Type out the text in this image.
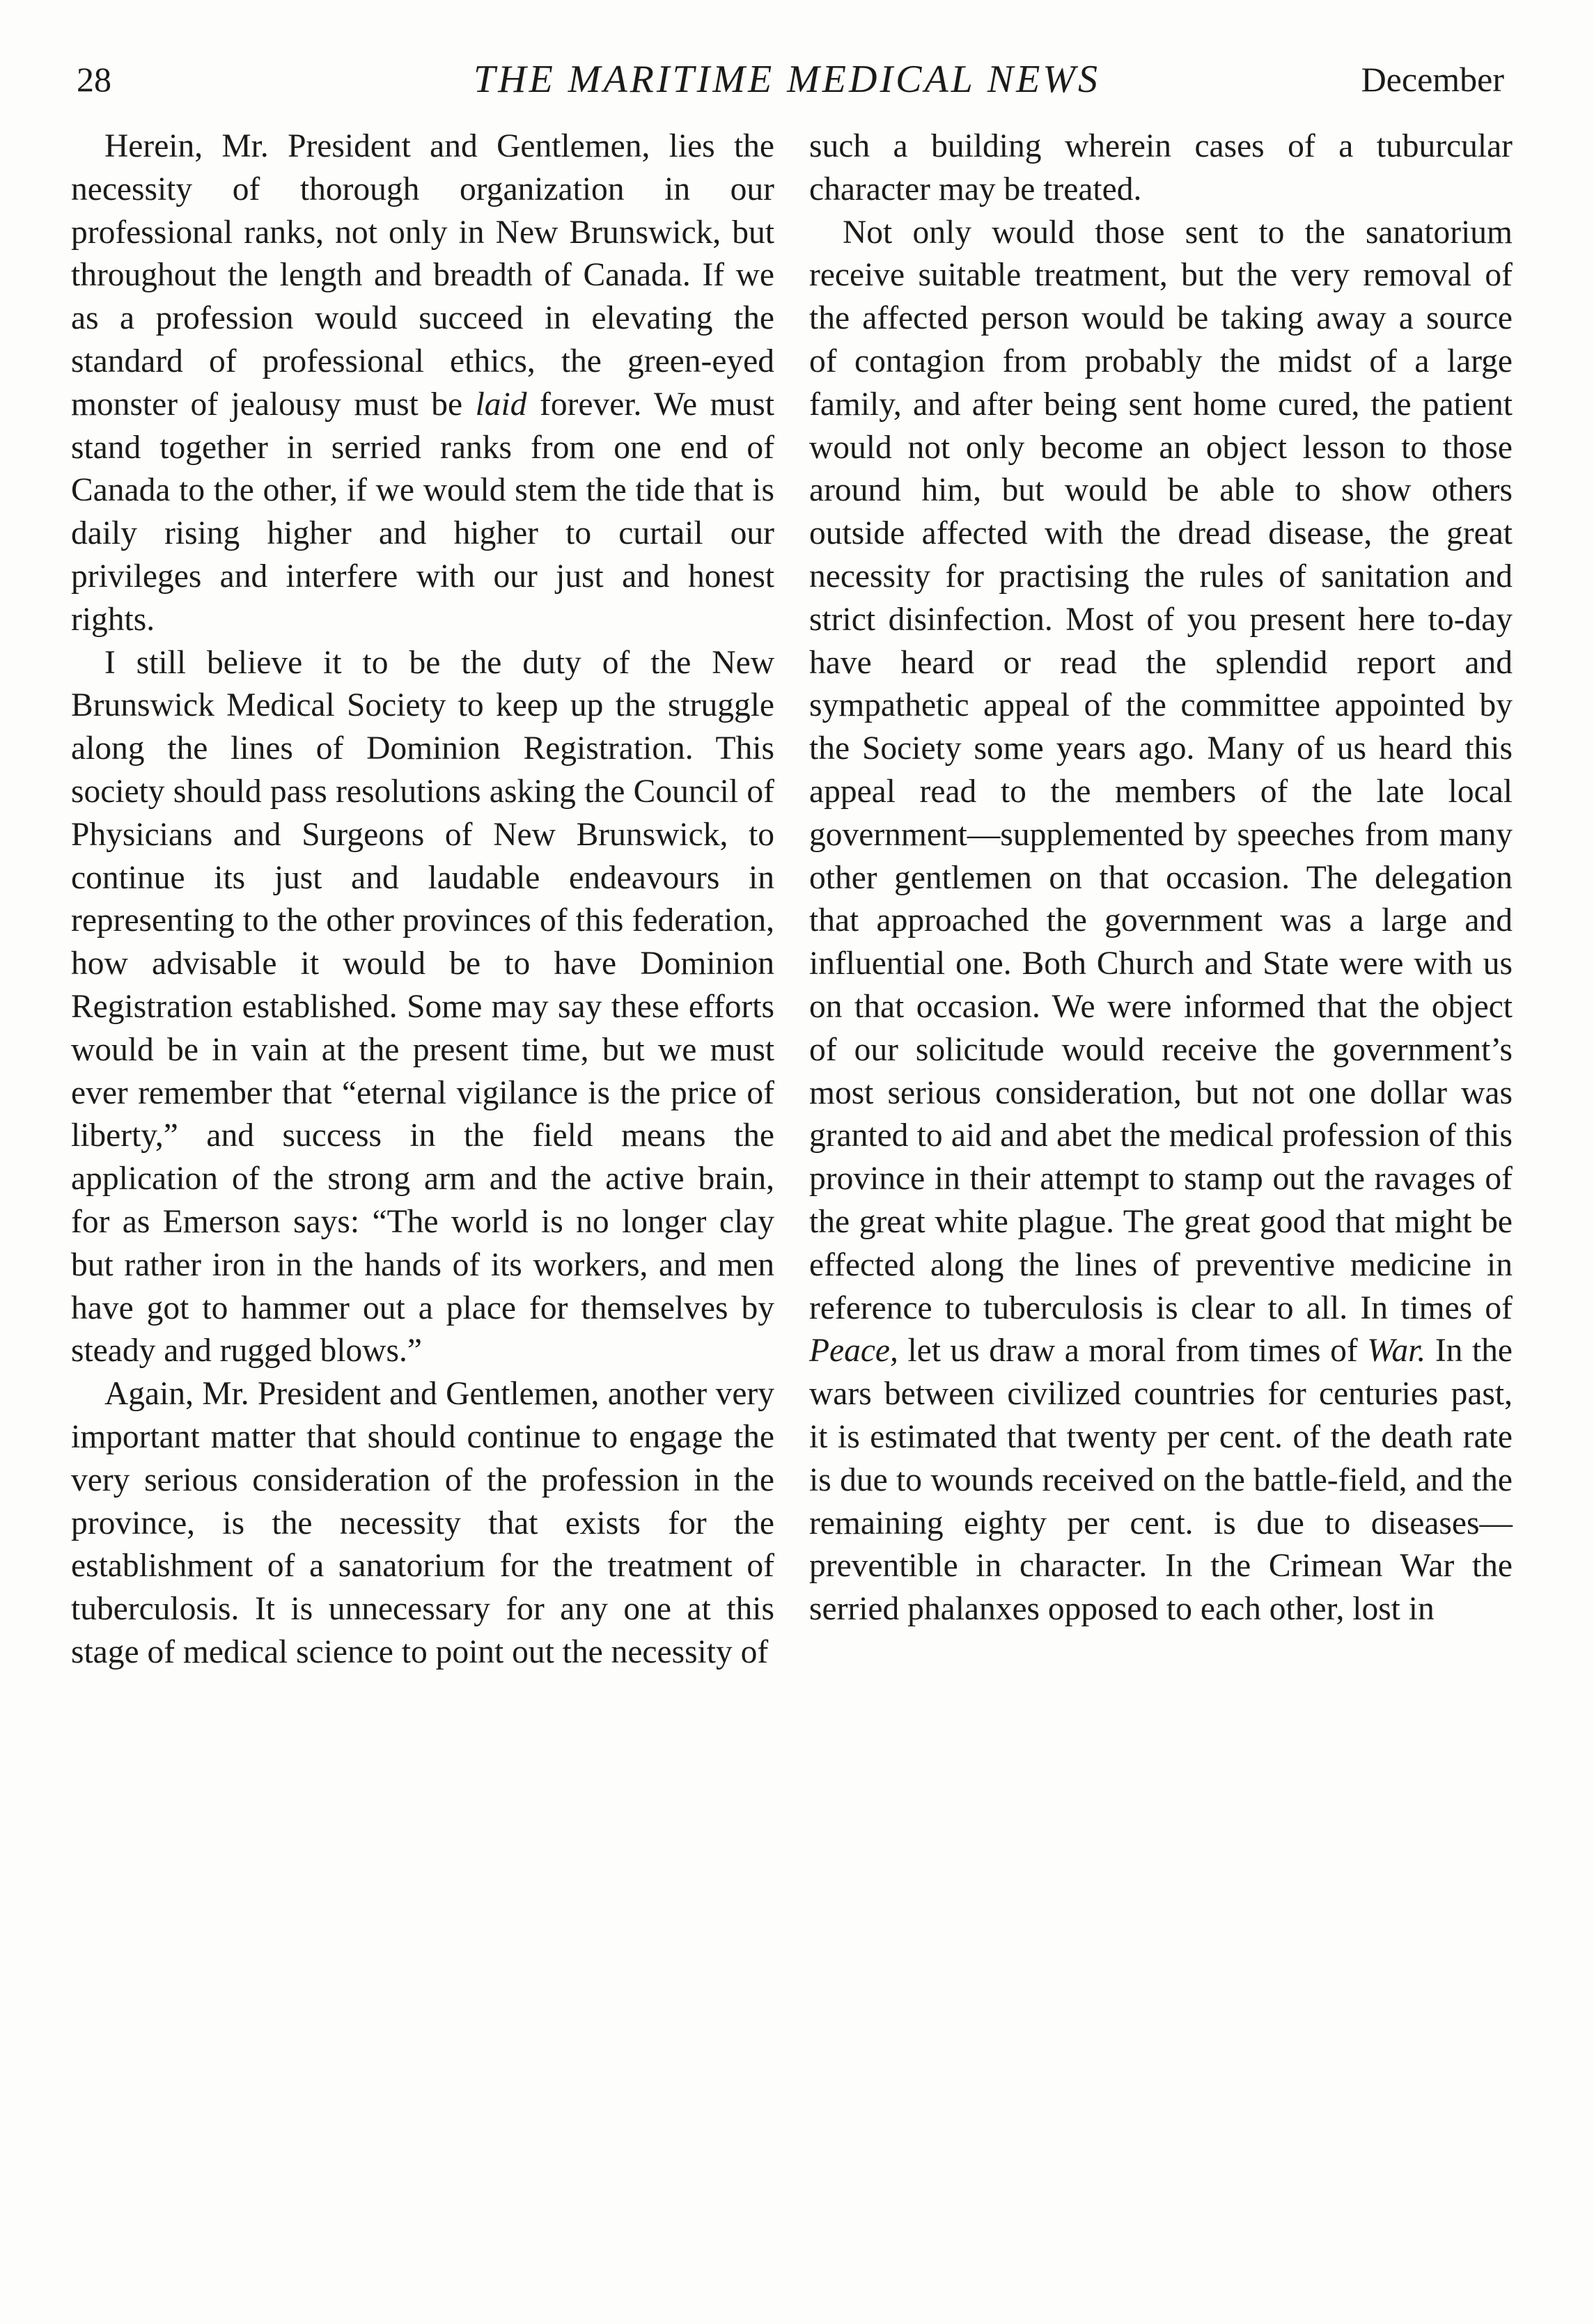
28	THE MARITIME MEDICAL NEWS	December

Herein, Mr. President and Gentlemen, lies the necessity of thorough organization in our professional ranks, not only in New Brunswick, but throughout the length and breadth of Canada. If we as a profession would succeed in elevating the standard of professional ethics, the green-eyed monster of jealousy must be laid forever. We must stand together in serried ranks from one end of Canada to the other, if we would stem the tide that is daily rising higher and higher to curtail our privileges and interfere with our just and honest rights.

I still believe it to be the duty of the New Brunswick Medical Society to keep up the struggle along the lines of Dominion Registration. This society should pass resolutions asking the Council of Physicians and Surgeons of New Brunswick, to continue its just and laudable endeavours in representing to the other provinces of this federation, how advisable it would be to have Dominion Registration established. Some may say these efforts would be in vain at the present time, but we must ever remember that “eternal vigilance is the price of liberty,” and success in the field means the application of the strong arm and the active brain, for as Emerson says: “The world is no longer clay but rather iron in the hands of its workers, and men have got to hammer out a place for themselves by steady and rugged blows.”

Again, Mr. President and Gentlemen, another very important matter that should continue to engage the very serious consideration of the profession in the province, is the necessity that exists for the establishment of a sanatorium for the treatment of tuberculosis. It is unnecessary for any one at this stage of medical science to point out the necessity of

such a building wherein cases of a tuburcular character may be treated.

Not only would those sent to the sanatorium receive suitable treatment, but the very removal of the affected person would be taking away a source of contagion from probably the midst of a large family, and after being sent home cured, the patient would not only become an object lesson to those around him, but would be able to show others outside affected with the dread disease, the great necessity for practising the rules of sanitation and strict disinfection. Most of you present here to-day have heard or read the splendid report and sympathetic appeal of the committee appointed by the Society some years ago. Many of us heard this appeal read to the members of the late local government—supplemented by speeches from many other gentlemen on that occasion. The delegation that approached the government was a large and influential one. Both Church and State were with us on that occasion. We were informed that the object of our solicitude would receive the government’s most serious consideration, but not one dollar was granted to aid and abet the medical profession of this province in their attempt to stamp out the ravages of the great white plague. The great good that might be effected along the lines of preventive medicine in reference to tuberculosis is clear to all. In times of Peace, let us draw a moral from times of War. In the wars between civilized countries for centuries past, it is estimated that twenty per cent. of the death rate is due to wounds received on the battle-field, and the remaining eighty per cent. is due to diseases—preventible in character. In the Crimean War the serried phalanxes opposed to each other, lost in
